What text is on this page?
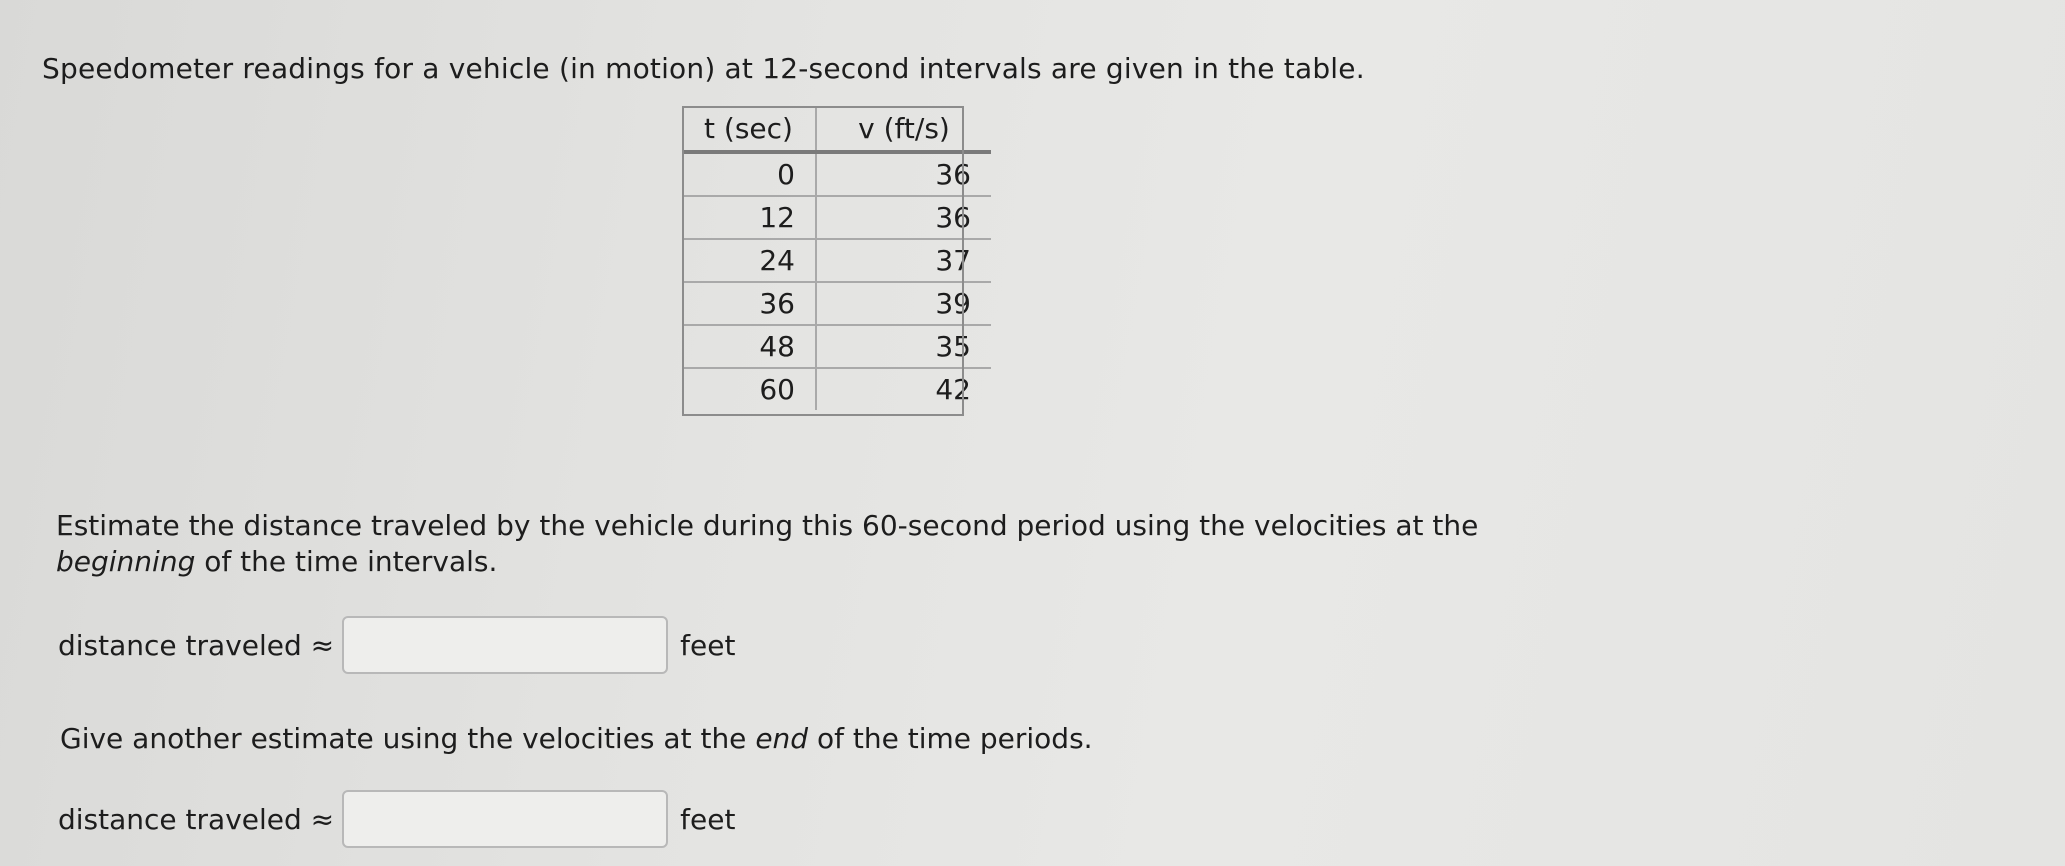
Speedometer readings for a vehicle (in motion) at 12-second intervals are given in the table.
t (sec)	v (ft/s)
0	36
12	36
24	37
36	39
48	35
60	42
Estimate the distance traveled by the vehicle during this 60-second period using the velocities at the beginning of the time intervals.
distance traveled ≈	feet
Give another estimate using the velocities at the end of the time periods.
distance traveled ≈	feet
